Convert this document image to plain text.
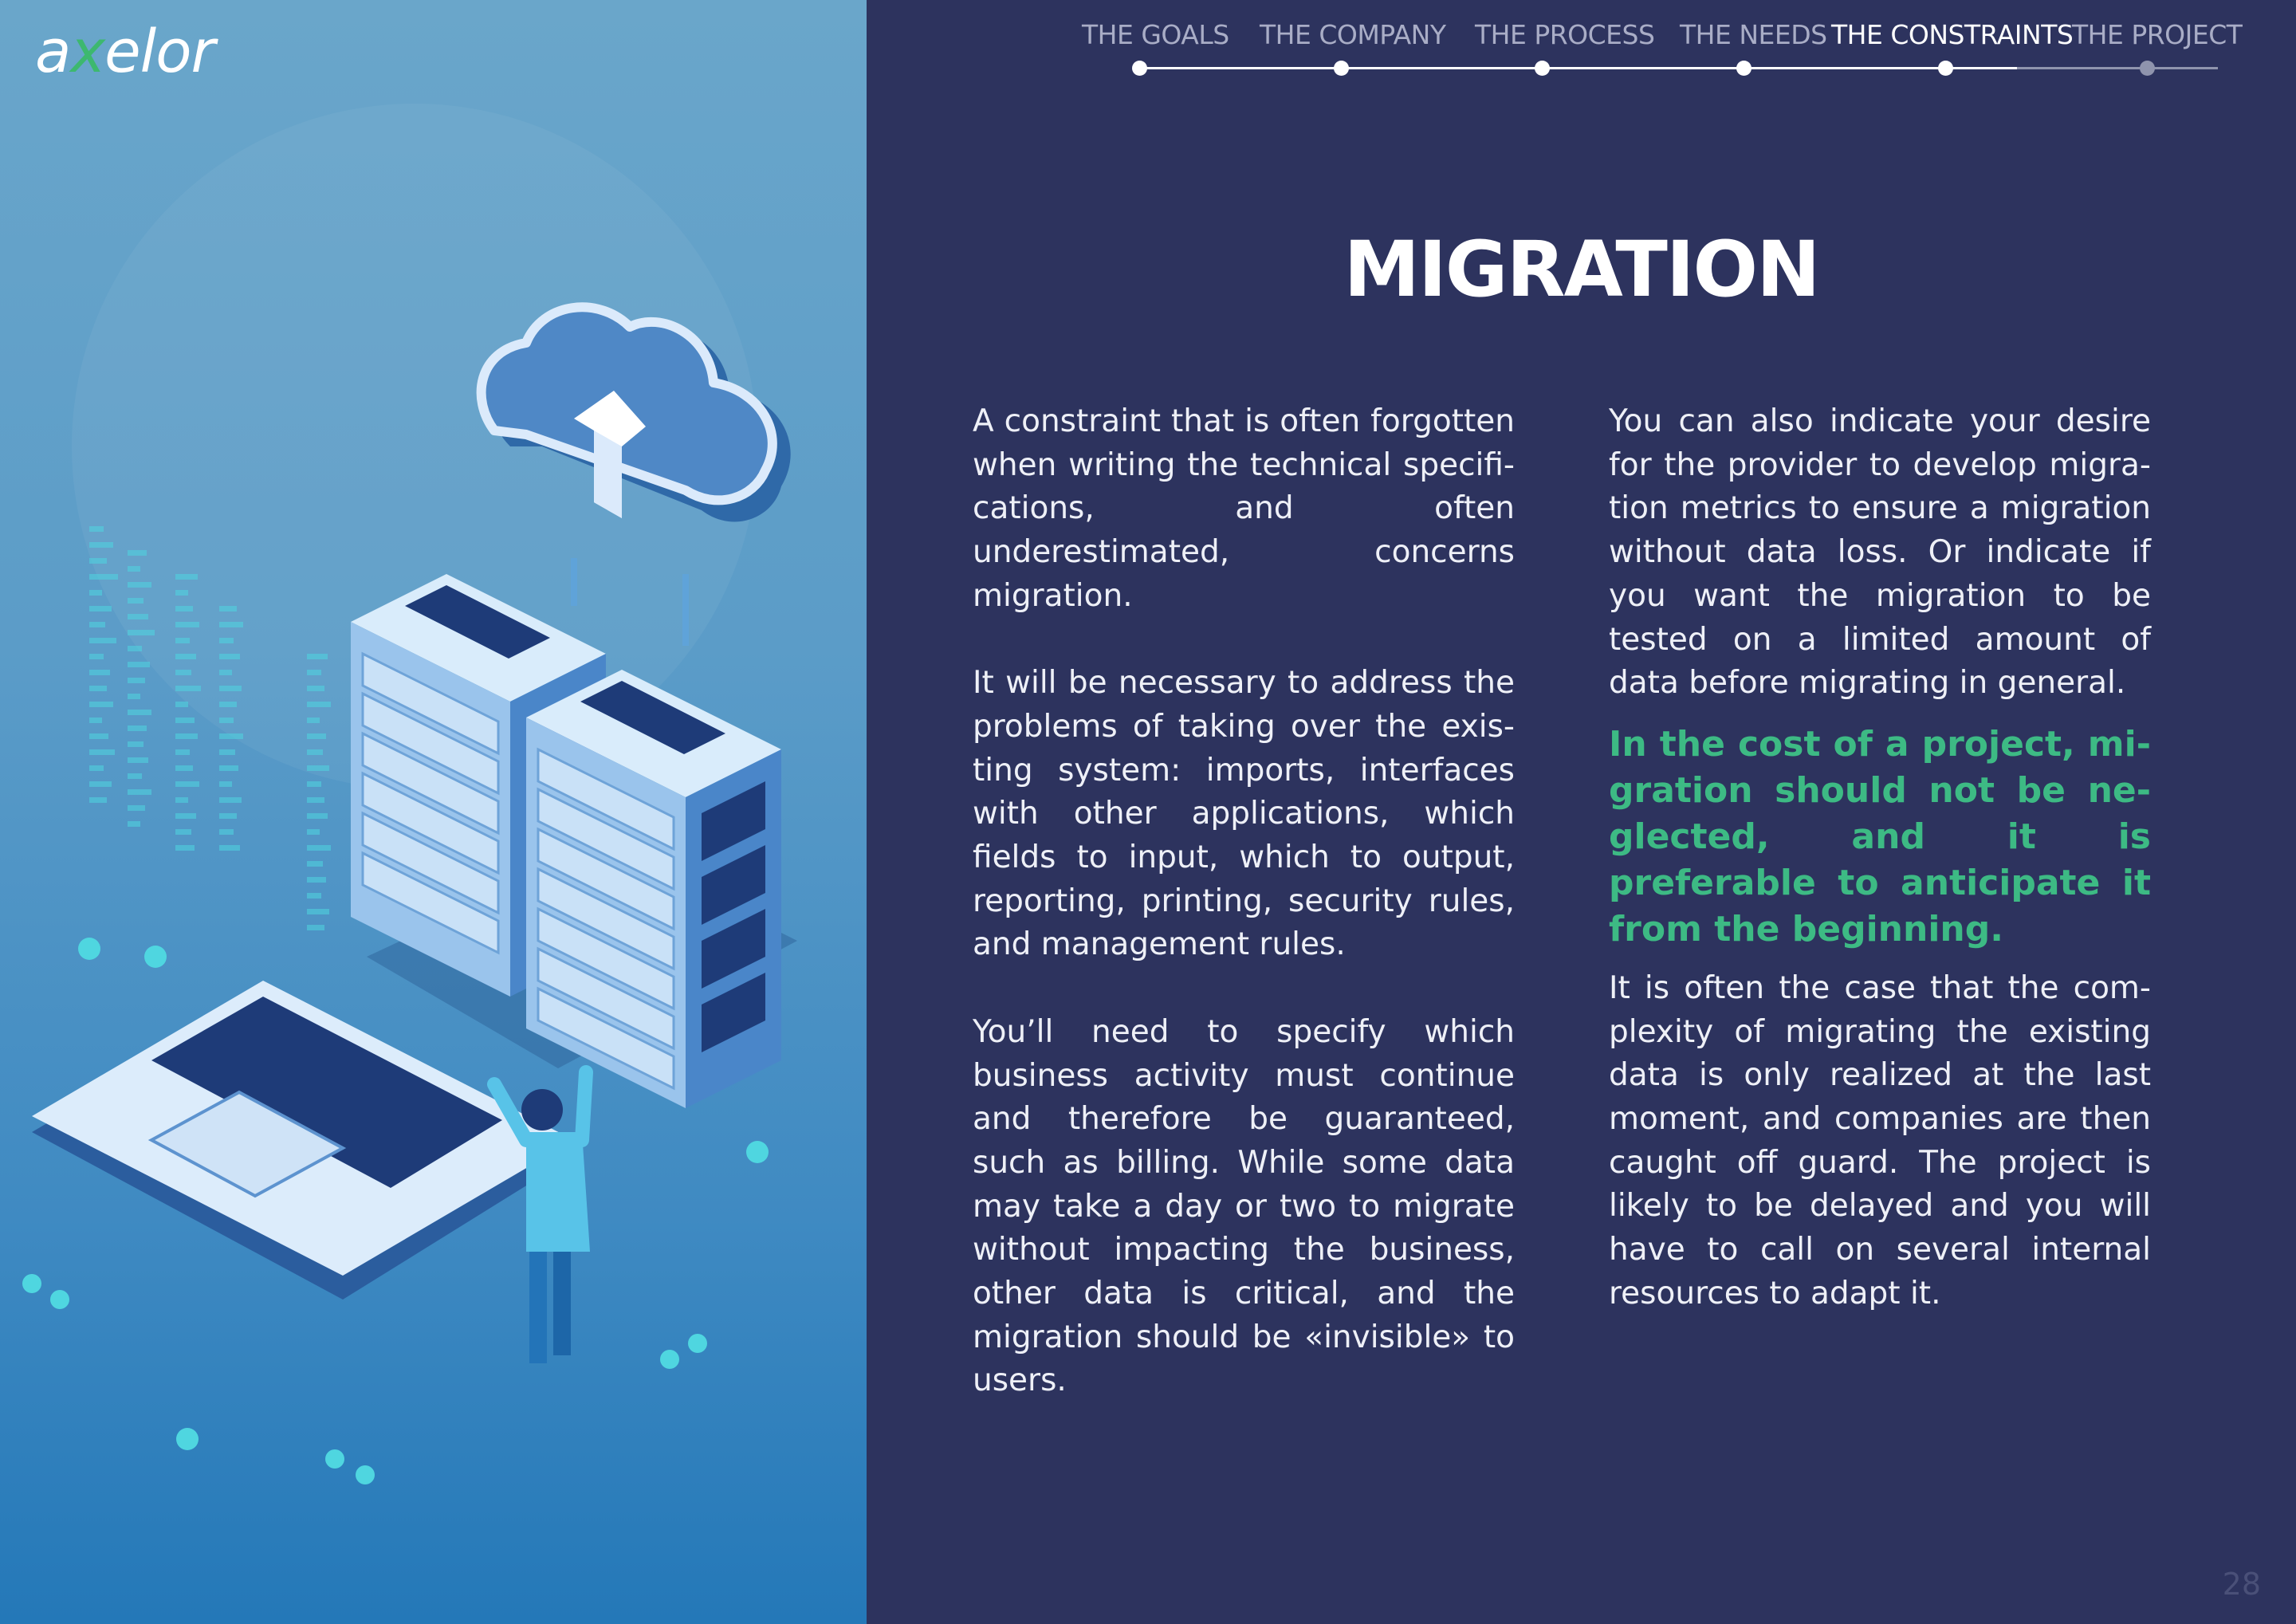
axelor	THE GOALS THE COMPANY THE PROCESS THE NEEDS THE CONSTRAINTS
THE PROJECT
MIGRATION

A constraint that is often forgotten when writing the technical specifications, and often underestimated, concerns migration.

It will be necessary to address the problems of taking over the existing system: imports, interfaces with other applications, which fields to input, which to output, reporting, printing, security rules, and management rules.

You’ll need to specify which business activity must continue and therefore be guaranteed, such as billing. While some data may take a day or two to migrate without impacting the business, other data is critical, and the migration should be «invisible» to users.

You can also indicate your desire for the provider to develop migration metrics to ensure a migration without data loss. Or indicate if you want the migration to be tested on a limited amount of data before migrating in general.

In the cost of a project, migration should not be neglected, and it is preferable to anticipate it from the beginning.

It is often the case that the complexity of migrating the existing data is only realized at the last moment, and companies are then caught off guard. The project is likely to be delayed and you will have to call on several internal resources to adapt it.

28
